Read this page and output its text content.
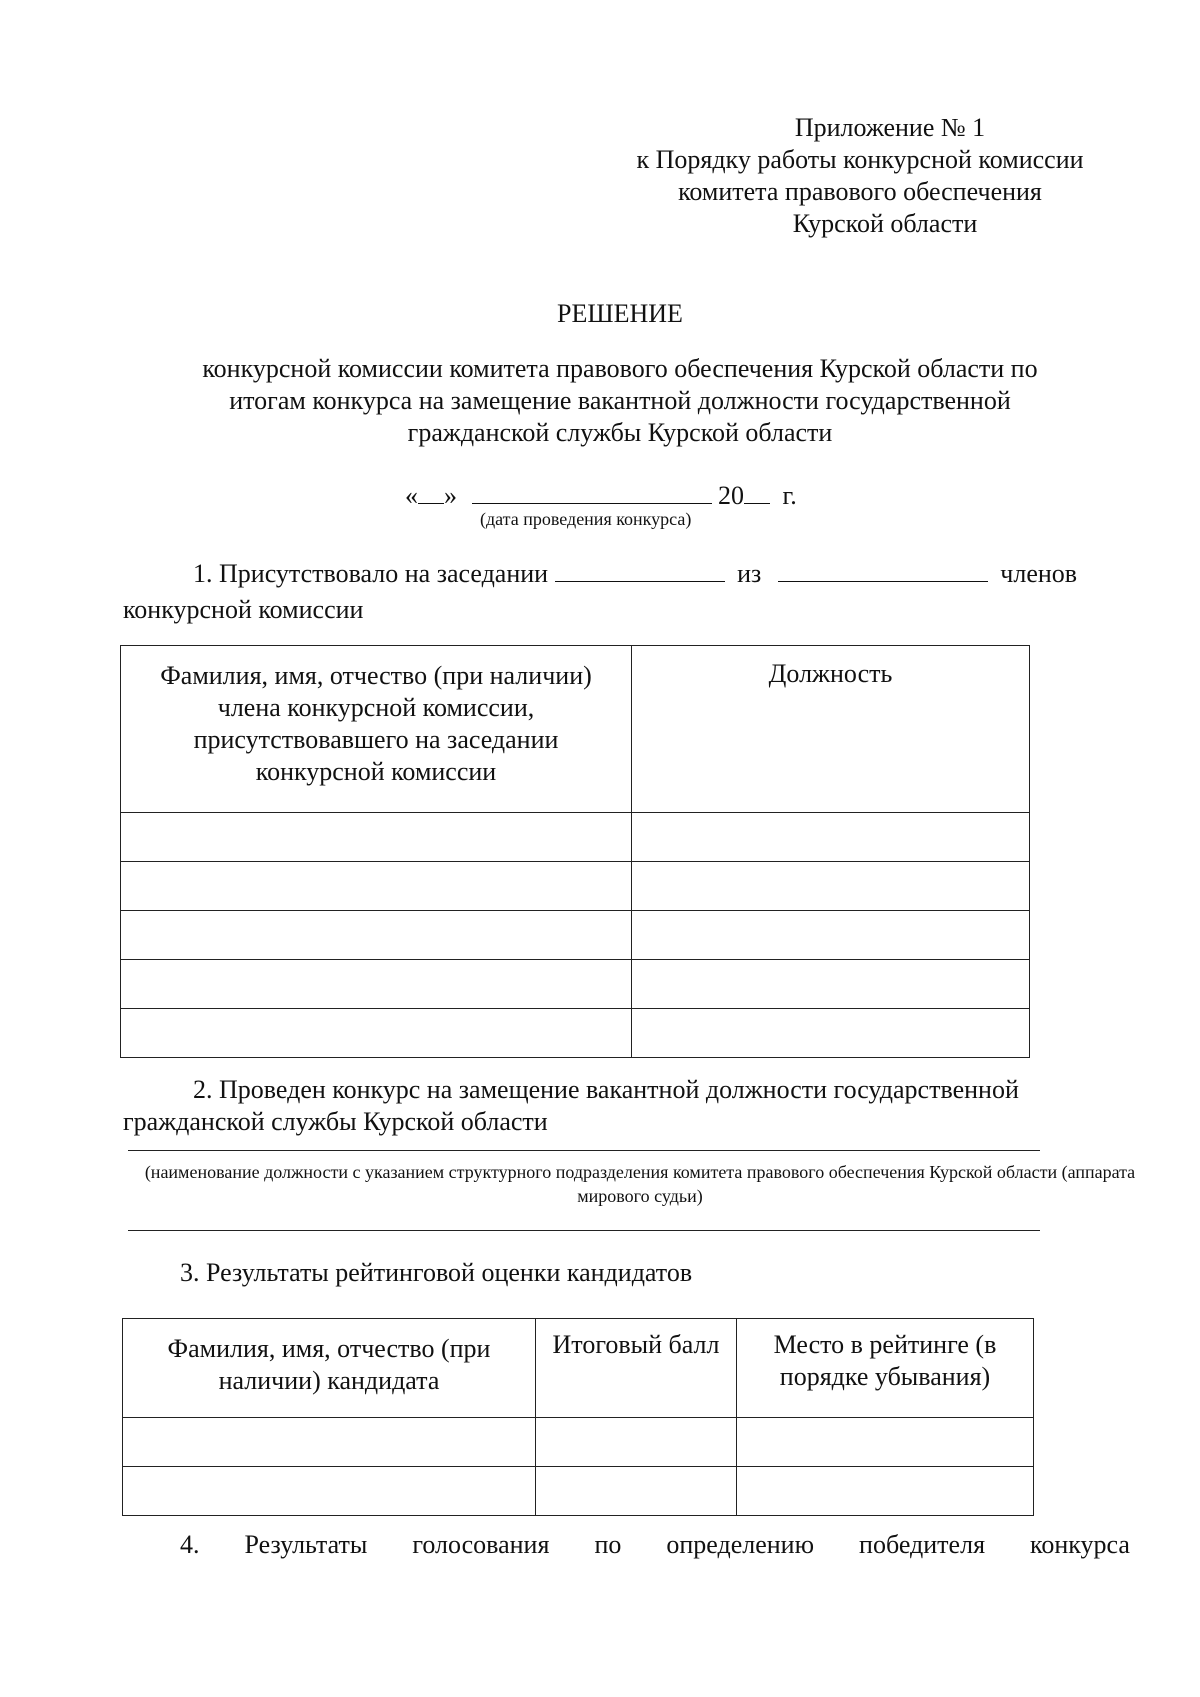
Приложение № 1
к Порядку работы конкурсной комиссии
комитета правового обеспечения
Курской области
РЕШЕНИЕ
конкурсной комиссии комитета правового обеспечения Курской области по итогам конкурса на замещение вакантной должности государственной гражданской службы Курской области
« »	20 г.
(дата проведения конкурса)
1. Присутствовало на заседании	из	членов
конкурсной комиссии
Фамилия, имя, отчество (при наличии) члена конкурсной комиссии, присутствовавшего на заседании конкурсной комиссии	Должность

2. Проведен конкурс на замещение вакантной должности государственной гражданской службы Курской области
(наименование должности с указанием структурного подразделения комитета правового обеспечения Курской области (аппарата мирового судьи)
3. Результаты рейтинговой оценки кандидатов
Фамилия, имя, отчество (при наличии) кандидата	Итоговый балл	Место в рейтинге (в порядке убывания)

4. Результаты голосования по определению победителя конкурса
